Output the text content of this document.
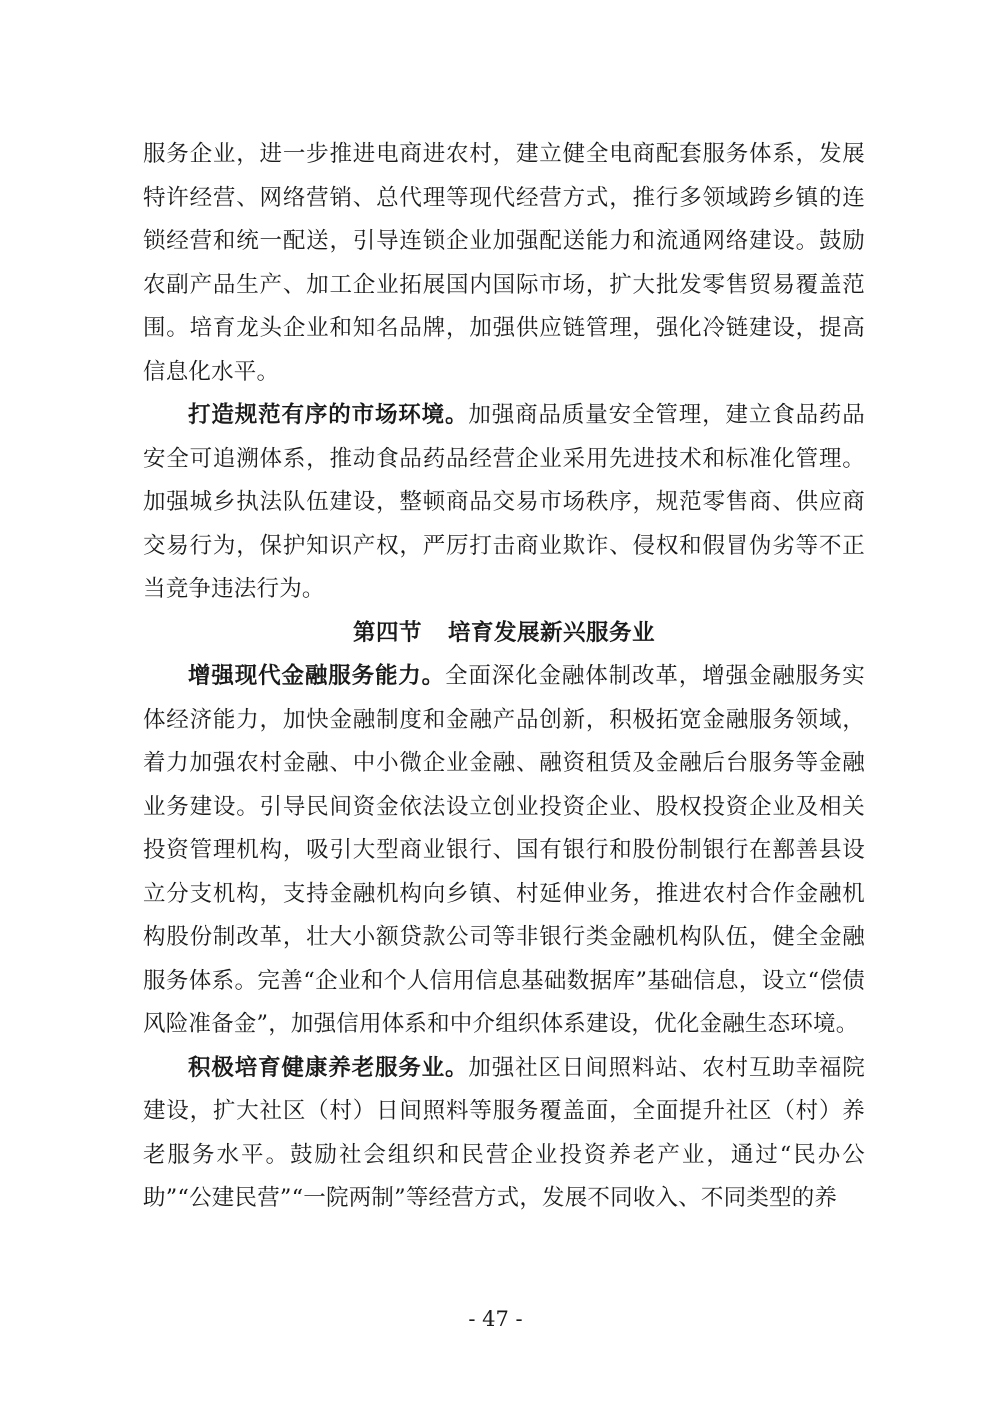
服务企业，进一步推进电商进农村，建立健全电商配套服务体系，发展特许经营、网络营销、总代理等现代经营方式，推行多领域跨乡镇的连锁经营和统一配送，引导连锁企业加强配送能力和流通网络建设。鼓励农副产品生产、加工企业拓展国内国际市场，扩大批发零售贸易覆盖范围。培育龙头企业和知名品牌，加强供应链管理，强化冷链建设，提高信息化水平。

打造规范有序的市场环境。加强商品质量安全管理，建立食品药品安全可追溯体系，推动食品药品经营企业采用先进技术和标准化管理。加强城乡执法队伍建设，整顿商品交易市场秩序，规范零售商、供应商交易行为，保护知识产权，严厉打击商业欺诈、侵权和假冒伪劣等不正当竞争违法行为。

第四节 培育发展新兴服务业

增强现代金融服务能力。全面深化金融体制改革，增强金融服务实体经济能力，加快金融制度和金融产品创新，积极拓宽金融服务领域，着力加强农村金融、中小微企业金融、融资租赁及金融后台服务等金融业务建设。引导民间资金依法设立创业投资企业、股权投资企业及相关投资管理机构，吸引大型商业银行、国有银行和股份制银行在鄯善县设立分支机构，支持金融机构向乡镇、村延伸业务，推进农村合作金融机构股份制改革，壮大小额贷款公司等非银行类金融机构队伍，健全金融服务体系。完善“企业和个人信用信息基础数据库”基础信息，设立“偿债风险准备金”，加强信用体系和中介组织体系建设，优化金融生态环境。

积极培育健康养老服务业。加强社区日间照料站、农村互助幸福院建设，扩大社区（村）日间照料等服务覆盖面，全面提升社区（村）养老服务水平。鼓励社会组织和民营企业投资养老产业，通过“民办公助”“公建民营”“一院两制”等经营方式，发展不同收入、不同类型的养

- 47 -
